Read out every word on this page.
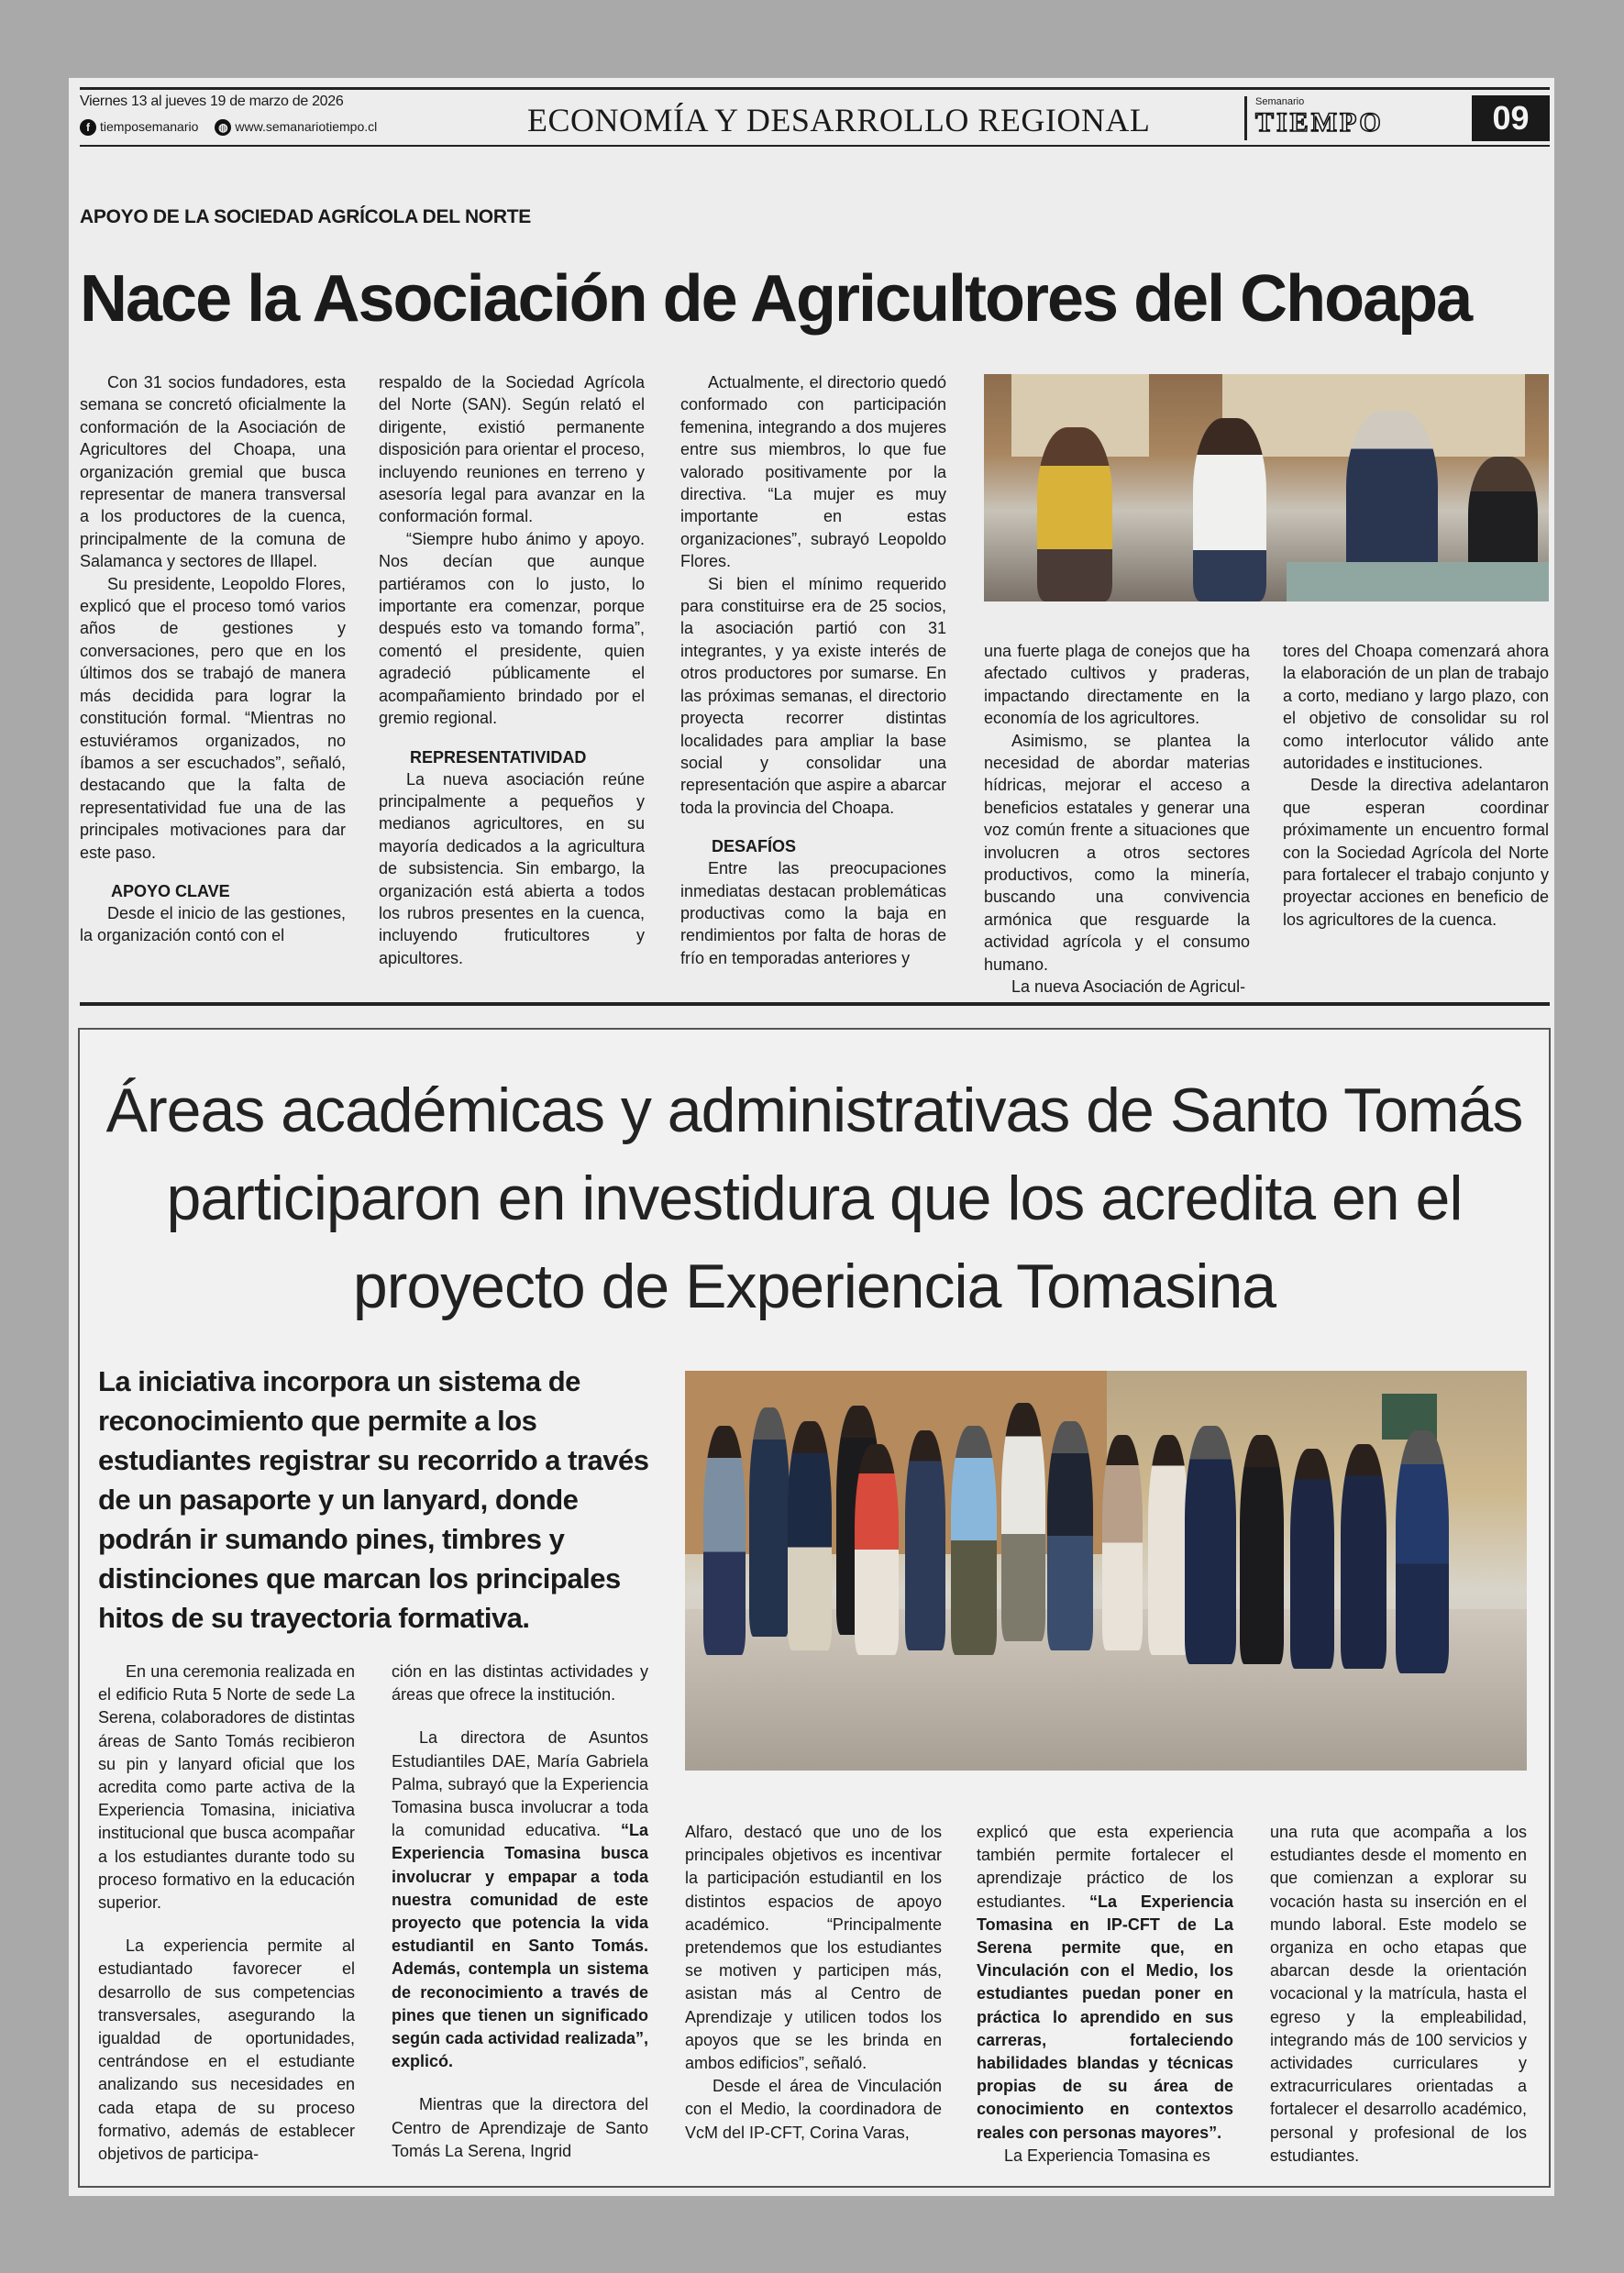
Viernes 13 al jueves 19 de marzo de 2026
f tiemposemanario	◍ www.semanariotiempo.cl	ECONOMÍA Y DESARROLLO REGIONAL	Semanario
TIEMPO	09
APOYO DE LA SOCIEDAD AGRÍCOLA DEL NORTE
Nace la Asociación de Agricultores del Choapa

Con 31 socios fundadores, esta semana se concretó oficialmente la conformación de la Asociación de Agricultores del Choapa, una organización gremial que busca representar de manera transversal a los productores de la cuenca, principalmente de la comuna de Salamanca y sectores de Illapel.

Su presidente, Leopoldo Flores, explicó que el proceso tomó varios años de gestiones y conversaciones, pero que en los últimos dos se trabajó de manera más decidida para lograr la constitución formal. “Mientras no estuviéramos organizados, no íbamos a ser escuchados”, señaló, destacando que la falta de representatividad fue una de las principales motivaciones para dar este paso.

APOYO CLAVE

Desde el inicio de las gestiones, la organización contó con el

respaldo de la Sociedad Agrícola del Norte (SAN). Según relató el dirigente, existió permanente disposición para orientar el proceso, incluyendo reuniones en terreno y asesoría legal para avanzar en la conformación formal.

“Siempre hubo ánimo y apoyo. Nos decían que aunque partiéramos con lo justo, lo importante era comenzar, porque después esto va tomando forma”, comentó el presidente, quien agradeció públicamente el acompañamiento brindado por el gremio regional.

REPRESENTATIVIDAD

La nueva asociación reúne principalmente a pequeños y medianos agricultores, en su mayoría dedicados a la agricultura de subsistencia. Sin embargo, la organización está abierta a todos los rubros presentes en la cuenca, incluyendo fruticultores y apicultores.

Actualmente, el directorio quedó conformado con participación femenina, integrando a dos mujeres entre sus miembros, lo que fue valorado positivamente por la directiva. “La mujer es muy importante en estas organizaciones”, subrayó Leopoldo Flores.

Si bien el mínimo requerido para constituirse era de 25 socios, la asociación partió con 31 integrantes, y ya existe interés de otros productores por sumarse. En las próximas semanas, el directorio proyecta recorrer distintas localidades para ampliar la base social y consolidar una representación que aspire a abarcar toda la provincia del Choapa.

DESAFÍOS

Entre las preocupaciones inmediatas destacan problemáticas productivas como la baja en rendimientos por falta de horas de frío en temporadas anteriores y

una fuerte plaga de conejos que ha afectado cultivos y praderas, impactando directamente en la economía de los agricultores.

Asimismo, se plantea la necesidad de abordar materias hídricas, mejorar el acceso a beneficios estatales y generar una voz común frente a situaciones que involucren a otros sectores productivos, como la minería, buscando una convivencia armónica que resguarde la actividad agrícola y el consumo humano.

La nueva Asociación de Agricul-

tores del Choapa comenzará ahora la elaboración de un plan de trabajo a corto, mediano y largo plazo, con el objetivo de consolidar su rol como interlocutor válido ante autoridades e instituciones.

Desde la directiva adelantaron que esperan coordinar próximamente un encuentro formal con la Sociedad Agrícola del Norte para fortalecer el trabajo conjunto y proyectar acciones en beneficio de los agricultores de la cuenca.

Áreas académicas y administrativas de Santo Tomás participaron en investidura que los acredita en el proyecto de Experiencia Tomasina
La iniciativa incorpora un sistema de reconocimiento que permite a los estudiantes registrar su recorrido a través de un pasaporte y un lanyard, donde podrán ir sumando pines, timbres y distinciones que marcan los principales hitos de su trayectoria formativa.

En una ceremonia realizada en el edificio Ruta 5 Norte de sede La Serena, colaboradores de distintas áreas de Santo Tomás recibieron su pin y lanyard oficial que los acredita como parte activa de la Experiencia Tomasina, iniciativa institucional que busca acompañar a los estudiantes durante todo su proceso formativo en la educación superior.

La experiencia permite al estudiantado favorecer el desarrollo de sus competencias transversales, asegurando la igualdad de oportunidades, centrándose en el estudiante analizando sus necesidades en cada etapa de su proceso formativo, además de establecer objetivos de participa-

ción en las distintas actividades y áreas que ofrece la institución.

La directora de Asuntos Estudiantiles DAE, María Gabriela Palma, subrayó que la Experiencia Tomasina busca involucrar a toda la comunidad educativa. “La Experiencia Tomasina busca involucrar y empapar a toda nuestra comunidad de este proyecto que potencia la vida estudiantil en Santo Tomás. Además, contempla un sistema de reconocimiento a través de pines que tienen un significado según cada actividad realizada”, explicó.

Mientras que la directora del Centro de Aprendizaje de Santo Tomás La Serena, Ingrid

Alfaro, destacó que uno de los principales objetivos es incentivar la participación estudiantil en los distintos espacios de apoyo académico. “Principalmente pretendemos que los estudiantes se motiven y participen más, asistan más al Centro de Aprendizaje y utilicen todos los apoyos que se les brinda en ambos edificios”, señaló.

Desde el área de Vinculación con el Medio, la coordinadora de VcM del IP-CFT, Corina Varas,

explicó que esta experiencia también permite fortalecer el aprendizaje práctico de los estudiantes. “La Experiencia Tomasina en IP-CFT de La Serena permite que, en Vinculación con el Medio, los estudiantes puedan poner en práctica lo aprendido en sus carreras, fortaleciendo habilidades blandas y técnicas propias de su área de conocimiento en contextos reales con personas mayores”.

La Experiencia Tomasina es

una ruta que acompaña a los estudiantes desde el momento en que comienzan a explorar su vocación hasta su inserción en el mundo laboral. Este modelo se organiza en ocho etapas que abarcan desde la orientación vocacional y la matrícula, hasta el egreso y la empleabilidad, integrando más de 100 servicios y actividades curriculares y extracurriculares orientadas a fortalecer el desarrollo académico, personal y profesional de los estudiantes.
